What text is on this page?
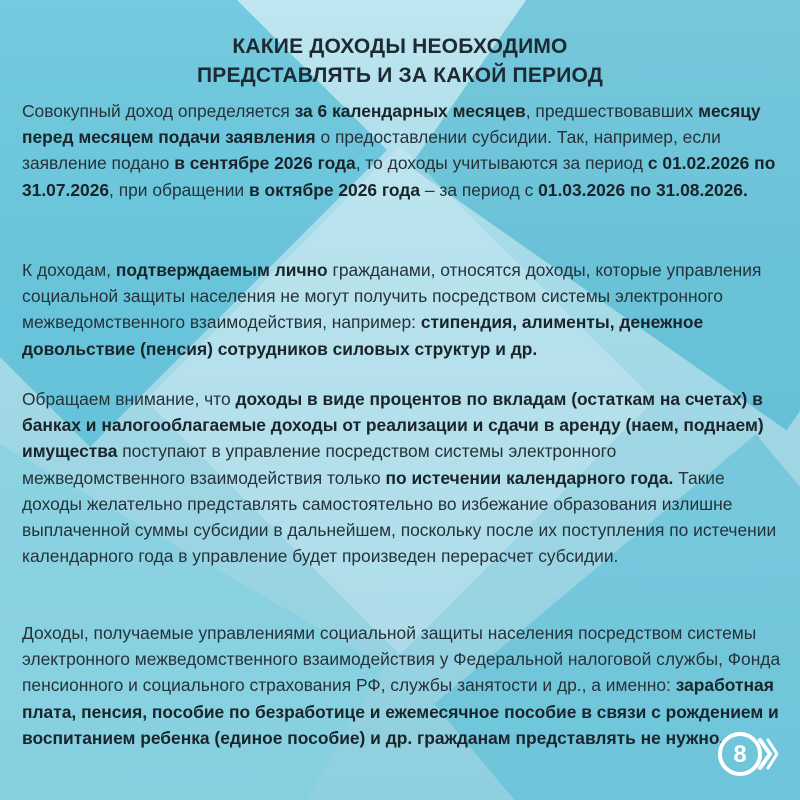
КАКИЕ ДОХОДЫ НЕОБХОДИМО
ПРЕДСТАВЛЯТЬ И ЗА КАКОЙ ПЕРИОД
Совокупный доход определяется за 6 календарных месяцев, предшествовавших месяцу перед месяцем подачи заявления о предоставлении субсидии. Так, например, если заявление подано в сентябре 2026 года, то доходы учитываются за период с 01.02.2026 по 31.07.2026, при обращении в октябре 2026 года – за период с 01.03.2026 по 31.08.2026.
К доходам, подтверждаемым лично гражданами, относятся доходы, которые управления социальной защиты населения не могут получить посредством системы электронного межведомственного взаимодействия, например: стипендия, алименты, денежное довольствие (пенсия) сотрудников силовых структур и др.
Обращаем внимание, что доходы в виде процентов по вкладам (остаткам на счетах) в банках и налогооблагаемые доходы от реализации и сдачи в аренду (наем, поднаем) имущества поступают в управление посредством системы электронного межведомственного взаимодействия только по истечении календарного года. Такие доходы желательно представлять самостоятельно во избежание образования излишне выплаченной суммы субсидии в дальнейшем, поскольку после их поступления по истечении календарного года в управление будет произведен перерасчет субсидии.
Доходы, получаемые управлениями социальной защиты населения посредством системы электронного межведомственного взаимодействия у Федеральной налоговой службы, Фонда пенсионного и социального страхования РФ, службы занятости и др., а именно: заработная плата, пенсия, пособие по безработице и ежемесячное пособие в связи с рождением и воспитанием ребенка (единое пособие) и др. гражданам представлять не нужно.
8
